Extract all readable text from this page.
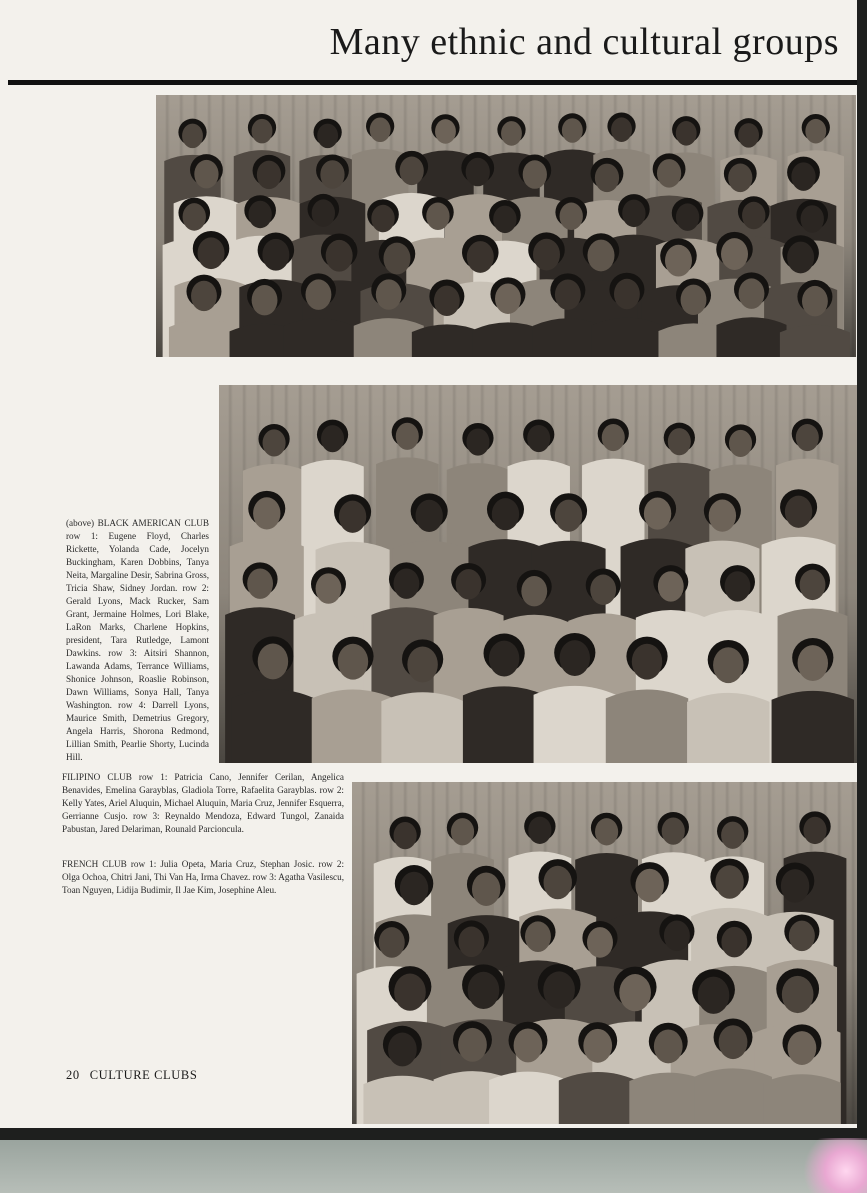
Many ethnic and cultural groups

(above) BLACK AMERICAN CLUB row 1: Eugene Floyd, Charles Rickette, Yolanda Cade, Jocelyn Buckingham, Karen Dobbins, Tanya Neita, Margaline Desir, Sabrina Gross, Tricia Shaw, Sidney Jordan. row 2: Gerald Lyons, Mack Rucker, Sam Grant, Jermaine Holmes, Lori Blake, LaRon Marks, Charlene Hopkins, president, Tara Rutledge, Lamont Dawkins. row 3: Aitsiri Shannon, Lawanda Adams, Terrance Williams, Shonice Johnson, Roaslie Robinson, Dawn Williams, Sonya Hall, Tanya Washington. row 4: Darrell Lyons, Maurice Smith, Demetrius Gregory, Angela Harris, Shorona Redmond, Lillian Smith, Pearlie Shorty, Lucinda Hill.

FILIPINO CLUB row 1: Patricia Cano, Jennifer Cerilan, Angelica Benavides, Emelina Garayblas, Gladiola Torre, Rafaelita Garayblas. row 2: Kelly Yates, Ariel Aluquin, Michael Aluquin, Maria Cruz, Jennifer Esquerra, Gerrianne Cusjo. row 3: Reynaldo Mendoza, Edward Tungol, Zanaida Pabustan, Jared Delariman, Rounald Parcioncula.

FRENCH CLUB row 1: Julia Opeta, Maria Cruz, Stephan Josic. row 2: Olga Ochoa, Chitri Jani, Thi Van Ha, Irma Chavez. row 3: Agatha Vasilescu, Toan Nguyen, Lidija Budimir, Il Jae Kim, Josephine Aleu.

20 CULTURE CLUBS
